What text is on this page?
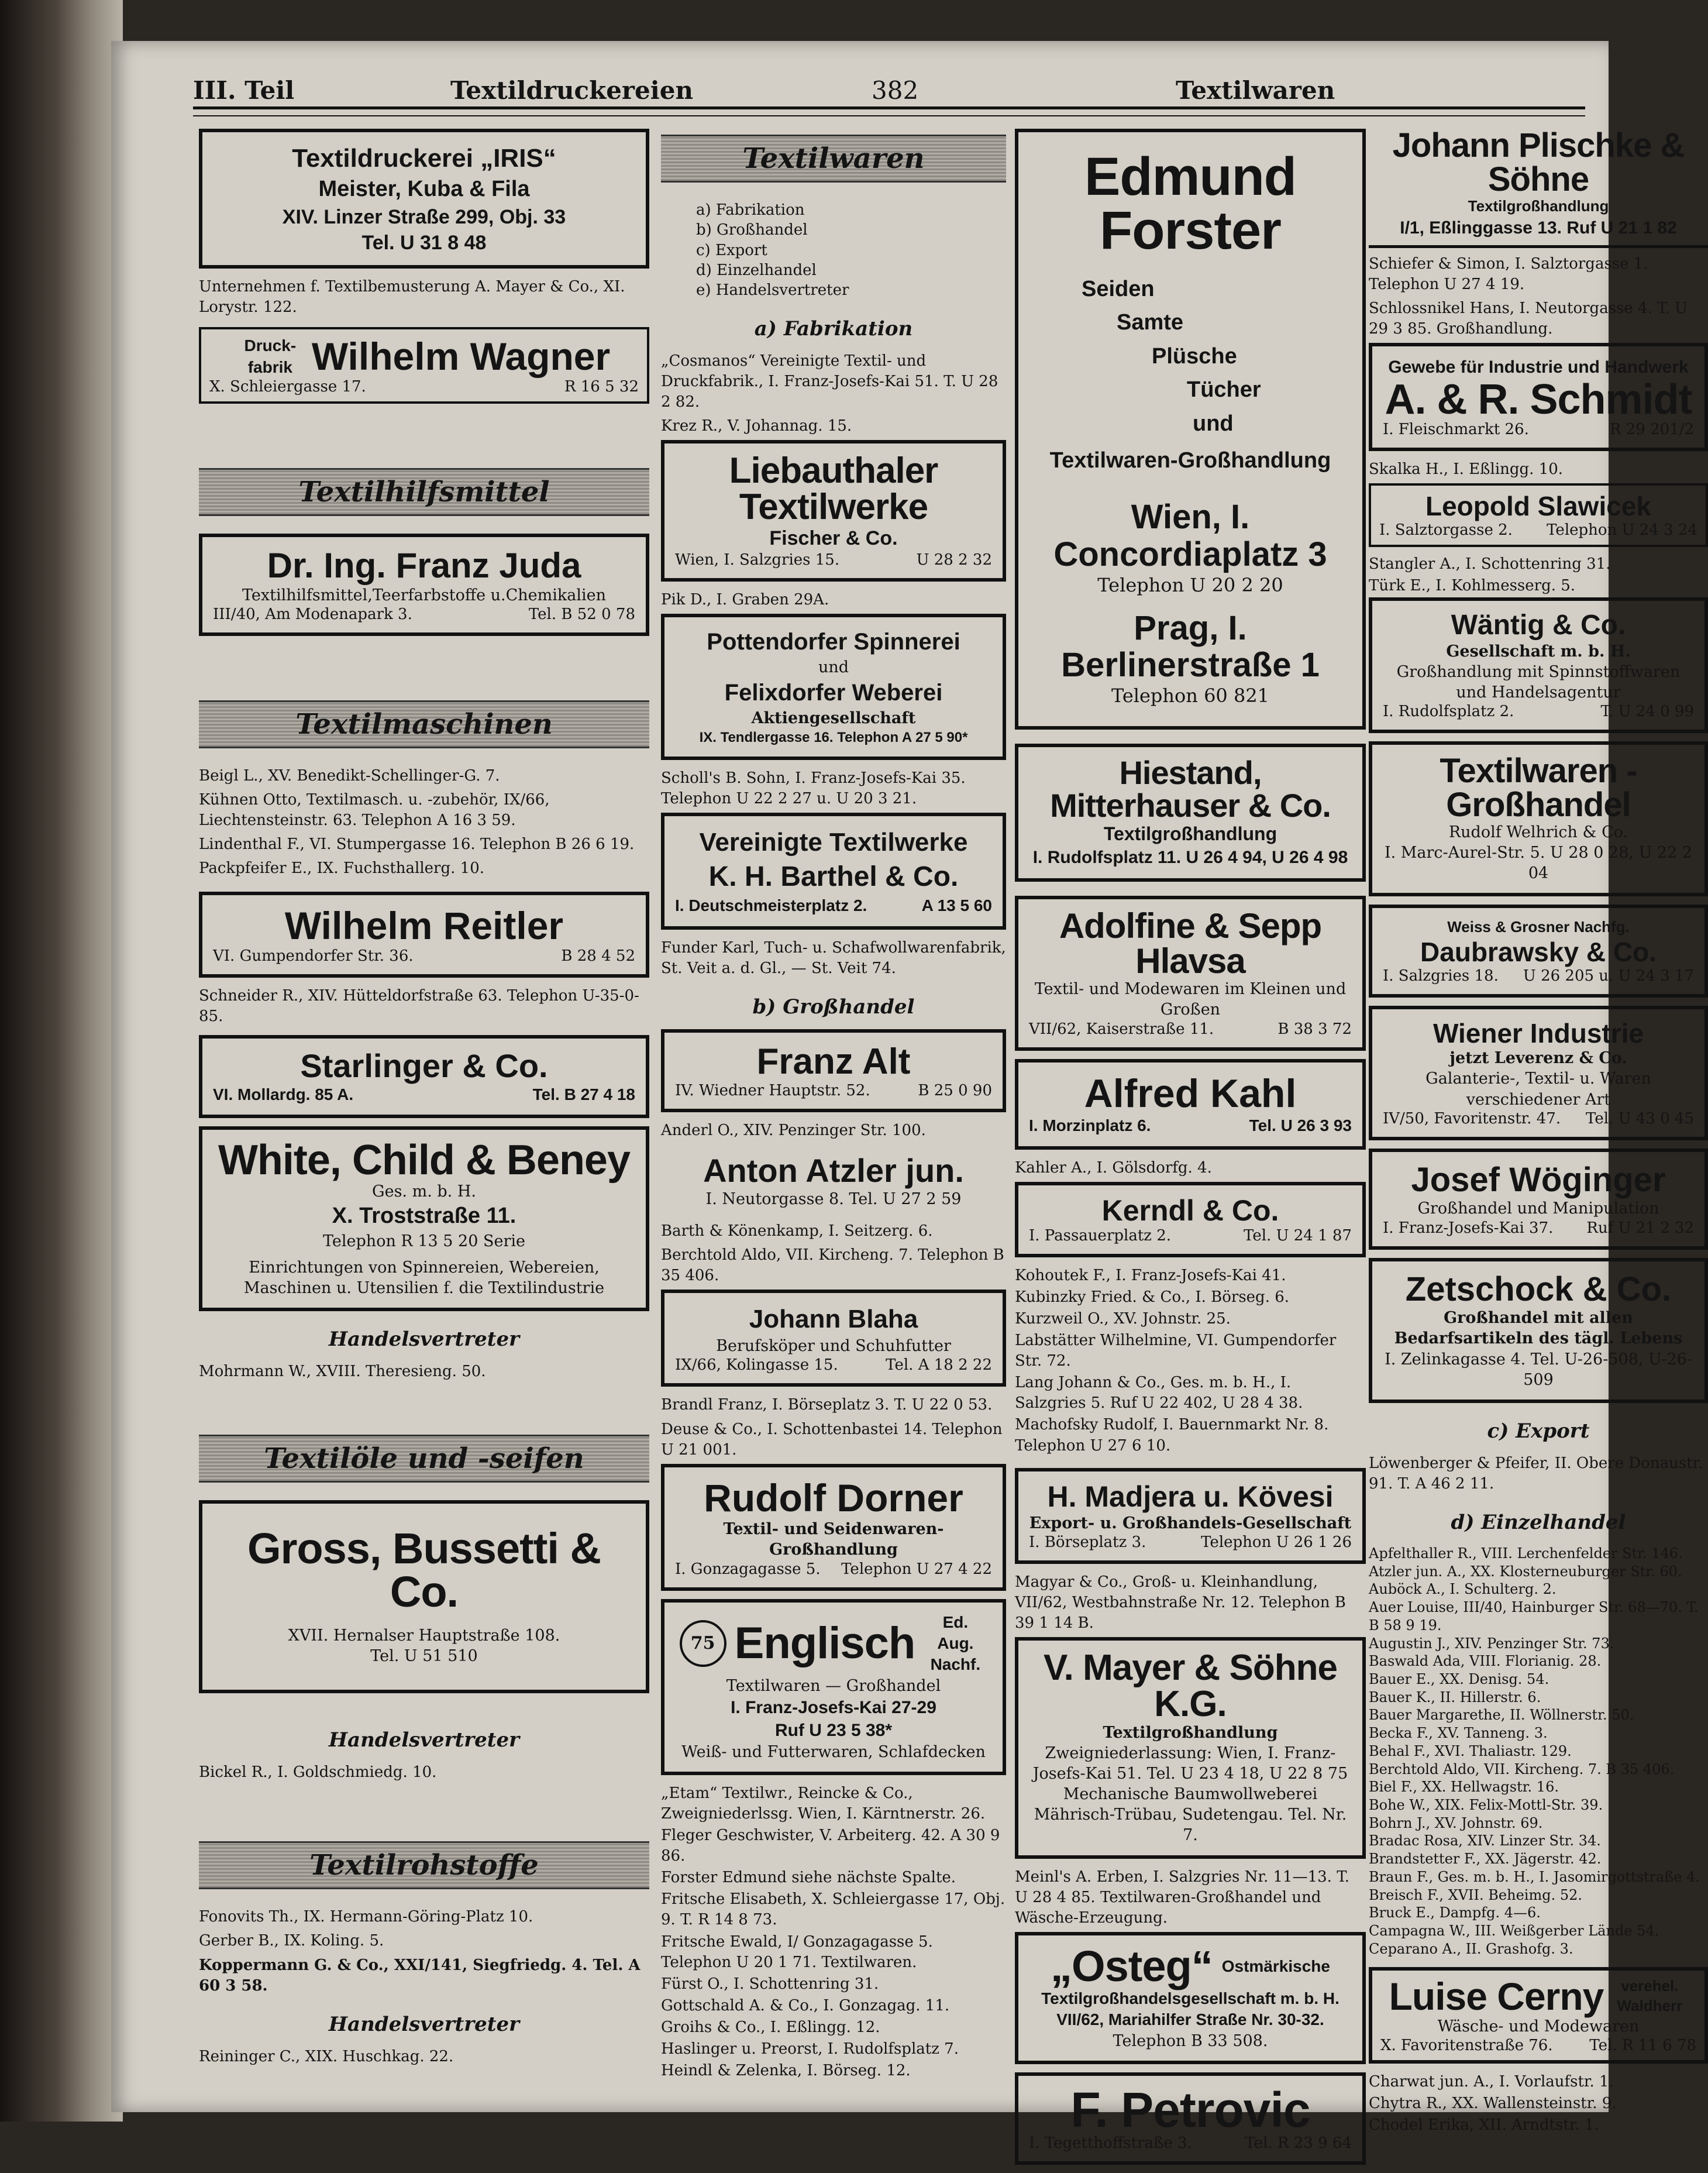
III. Teil	Textildruckereien	382	Textilwaren
Textildruckerei „IRIS“
Meister, Kuba & Fila
XIV. Linzer Straße 299, Obj. 33
Tel. U 31 8 48
Unternehmen f. Textilbemusterung A. Mayer & Co., XI. Lorystr. 122.
Druck-fabrik Wilhelm Wagner
X. Schleiergasse 17.	R 16 5 32
Textilhilfsmittel
Dr. Ing. Franz Juda
Textilhilfsmittel,Teerfarbstoffe u.Chemikalien
III/40, Am Modenapark 3.	Tel. B 52 0 78
Textilmaschinen
Beigl L., XV. Benedikt-Schellinger-G. 7.
Kühnen Otto, Textilmasch. u. -zubehör, IX/66, Liechtensteinstr. 63. Telephon A 16 3 59.
Lindenthal F., VI. Stumpergasse 16. Telephon B 26 6 19.
Packpfeifer E., IX. Fuchsthallerg. 10.
Wilhelm Reitler
VI. Gumpendorfer Str. 36.	B 28 4 52
Schneider R., XIV. Hütteldorfstraße 63. Telephon U-35-0-85.
Starlinger & Co.
VI. Mollardg. 85 A.	Tel. B 27 4 18
White, Child & Beney
Ges. m. b. H.
X. Troststraße 11.
Telephon R 13 5 20 Serie
Einrichtungen von Spinnereien, Webereien, Maschinen u. Utensilien f. die Textilindustrie
Handelsvertreter
Mohrmann W., XVIII. Theresieng. 50.
Textilöle und -seifen
Gross, Bussetti & Co.
XVII. Hernalser Hauptstraße 108.
Tel. U 51 510
Handelsvertreter
Bickel R., I. Goldschmiedg. 10.
Textilrohstoffe
Fonovits Th., IX. Hermann-Göring-Platz 10.
Gerber B., IX. Koling. 5.
Koppermann G. & Co., XXI/141, Siegfriedg. 4. Tel. A 60 3 58.
Handelsvertreter
Reininger C., XIX. Huschkag. 22.
Textilwaren
a) Fabrikation
b) Großhandel
c) Export
d) Einzelhandel
e) Handelsvertreter
a) Fabrikation
„Cosmanos“ Vereinigte Textil- und Druckfabrik., I. Franz-Josefs-Kai 51. T. U 28 2 82.
Krez R., V. Johannag. 15.
Liebauthaler Textilwerke
Fischer & Co.
Wien, I. Salzgries 15.	U 28 2 32
Pik D., I. Graben 29A.
Pottendorfer Spinnerei
und
Felixdorfer Weberei
Aktiengesellschaft
IX. Tendlergasse 16. Telephon A 27 5 90*
Scholl's B. Sohn, I. Franz-Josefs-Kai 35. Telephon U 22 2 27 u. U 20 3 21.
Vereinigte Textilwerke
K. H. Barthel & Co.
I. Deutschmeisterplatz 2.	A 13 5 60
Funder Karl, Tuch- u. Schafwollwarenfabrik, St. Veit a. d. Gl., — St. Veit 74.
b) Großhandel
Franz Alt
IV. Wiedner Hauptstr. 52.	B 25 0 90
Anderl O., XIV. Penzinger Str. 100.
Anton Atzler jun.
I. Neutorgasse 8. Tel. U 27 2 59
Barth & Könenkamp, I. Seitzerg. 6.
Berchtold Aldo, VII. Kircheng. 7. Telephon B 35 406.
Johann Blaha
Berufsköper und Schuhfutter
IX/66, Kolingasse 15.	Tel. A 18 2 22
Brandl Franz, I. Börseplatz 3. T. U 22 0 53.
Deuse & Co., I. Schottenbastei 14. Telephon U 21 001.
Rudolf Dorner
Textil- und Seidenwaren-Großhandlung
I. Gonzagagasse 5. Telephon U 27 4 22
75 Englisch	Ed. Aug. Nachf.
Textilwaren — Großhandel
I. Franz-Josefs-Kai 27-29
Ruf U 23 5 38*
Weiß- und Futterwaren, Schlafdecken
„Etam“ Textilwr., Reincke & Co., Zweigniederlssg. Wien, I. Kärntnerstr. 26.
Fleger Geschwister, V. Arbeiterg. 42. A 30 9 86.
Forster Edmund siehe nächste Spalte.
Fritsche Elisabeth, X. Schleiergasse 17, Obj. 9. T. R 14 8 73.
Fritsche Ewald, I/ Gonzagagasse 5. Telephon U 20 1 71. Textilwaren.
Fürst O., I. Schottenring 31.
Gottschald A. & Co., I. Gonzagag. 11.
Groihs & Co., I. Eßlingg. 12.
Haslinger u. Preorst, I. Rudolfsplatz 7.
Heindl & Zelenka, I. Börseg. 12.
Edmund Forster
Seiden
Samte
Plüsche
Tücher
und
Textilwaren-Großhandlung
Wien, I. Concordiaplatz 3
Telephon U 20 2 20
Prag, I. Berlinerstraße 1
Telephon 60 821
Hiestand, Mitterhauser & Co.
Textilgroßhandlung
I. Rudolfsplatz 11. U 26 4 94, U 26 4 98
Adolfine & Sepp Hlavsa
Textil- und Modewaren im Kleinen und Großen
VII/62, Kaiserstraße 11.	B 38 3 72
Alfred Kahl
I. Morzinplatz 6.	Tel. U 26 3 93
Kahler A., I. Gölsdorfg. 4.
Kerndl & Co.
I. Passauerplatz 2.	Tel. U 24 1 87
Kohoutek F., I. Franz-Josefs-Kai 41.
Kubinzky Fried. & Co., I. Börseg. 6.
Kurzweil O., XV. Johnstr. 25.
Labstätter Wilhelmine, VI. Gumpendorfer Str. 72.
Lang Johann & Co., Ges. m. b. H., I. Salzgries 5. Ruf U 22 402, U 28 4 38.
Machofsky Rudolf, I. Bauernmarkt Nr. 8. Telephon U 27 6 10.
H. Madjera u. Kövesi
Export- u. Großhandels-Gesellschaft
I. Börseplatz 3.	Telephon U 26 1 26
Magyar & Co., Groß- u. Kleinhandlung, VII/62, Westbahnstraße Nr. 12. Telephon B 39 1 14 B.
V. Mayer & Söhne K.G.
Textilgroßhandlung
Zweigniederlassung: Wien, I. Franz-Josefs-Kai 51. Tel. U 23 4 18, U 22 8 75
Mechanische Baumwollweberei Mährisch-Trübau, Sudetengau. Tel. Nr. 7.
Meinl's A. Erben, I. Salzgries Nr. 11—13. T. U 28 4 85. Textilwaren-Großhandel und Wäsche-Erzeugung.
„Osteg“ Ostmärkische
Textilgroßhandelsgesellschaft m. b. H.
VII/62, Mariahilfer Straße Nr. 30-32.
Telephon B 33 508.
F. Petrovic
I. Tegetthoffstraße 3.	Tel. R 23 9 64
Johann Plischke & Söhne
Textilgroßhandlung
I/1, Eßlinggasse 13. Ruf U 21 1 82
Schiefer & Simon, I. Salztorgasse 1. Telephon U 27 4 19.
Schlossnikel Hans, I. Neutorgasse 4. T. U 29 3 85. Großhandlung.
Gewebe für Industrie und Handwerk
A. & R. Schmidt
I. Fleischmarkt 26.	R 29 201/2
Skalka H., I. Eßlingg. 10.
Leopold Slawicek
I. Salztorgasse 2. Telephon U 24 3 24
Stangler A., I. Schottenring 31.
Türk E., I. Kohlmesserg. 5.
Wäntig & Co.
Gesellschaft m. b. H.
Großhandlung mit Spinnstoffwaren und Handelsagentur
I. Rudolfsplatz 2.	T. U 24 0 99
Textilwaren - Großhandel
Rudolf Welhrich & Co.
I. Marc-Aurel-Str. 5. U 28 0 28, U 22 2 04
Weiss & Grosner Nachfg.
Daubrawsky & Co.
I. Salzgries 18. U 26 205 u. U 24 3 17
Wiener Industrie
jetzt Leverenz & Co.
Galanterie-, Textil- u. Waren verschiedener Art
IV/50, Favoritenstr. 47. Tel. U 43 0 45
Josef Wöginger
Großhandel und Manipulation
I. Franz-Josefs-Kai 37. Ruf U 21 2 32
Zetschock & Co.
Großhandel mit allen Bedarfsartikeln des tägl. Lebens
I. Zelinkagasse 4. Tel. U-26-508, U-26-509
c) Export
Löwenberger & Pfeifer, II. Obere Donaustr. 91. T. A 46 2 11.
d) Einzelhandel
Apfelthaller R., VIII. Lerchenfelder Str. 146.
Atzler jun. A., XX. Klosterneuburger Str. 60.
Auböck A., I. Schulterg. 2.
Auer Louise, III/40, Hainburger Str. 68—70. T. B 58 9 19.
Augustin J., XIV. Penzinger Str. 73.
Baswald Ada, VIII. Florianig. 28.
Bauer E., XX. Denisg. 54.
Bauer K., II. Hillerstr. 6.
Bauer Margarethe, II. Wöllnerstr. 50.
Becka F., XV. Tanneng. 3.
Behal F., XVI. Thaliastr. 129.
Berchtold Aldo, VII. Kircheng. 7. B 35 406.
Biel F., XX. Hellwagstr. 16.
Bohe W., XIX. Felix-Mottl-Str. 39.
Bohrn J., XV. Johnstr. 69.
Bradac Rosa, XIV. Linzer Str. 34.
Brandstetter F., XX. Jägerstr. 42.
Braun F., Ges. m. b. H., I. Jasomirgottstraße 4.
Breisch F., XVII. Beheimg. 52.
Bruck E., Dampfg. 4—6.
Campagna W., III. Weißgerber Lände 54.
Ceparano A., II. Grashofg. 3.
Luise Cerny	verehel. Waldherr
Wäsche- und Modewaren
X. Favoritenstraße 76. Tel. R 11 6 78
Charwat jun. A., I. Vorlaufstr. 1.
Chytra R., XX. Wallensteinstr. 9.
Chodel Erika, XII. Arndtstr. 1.
